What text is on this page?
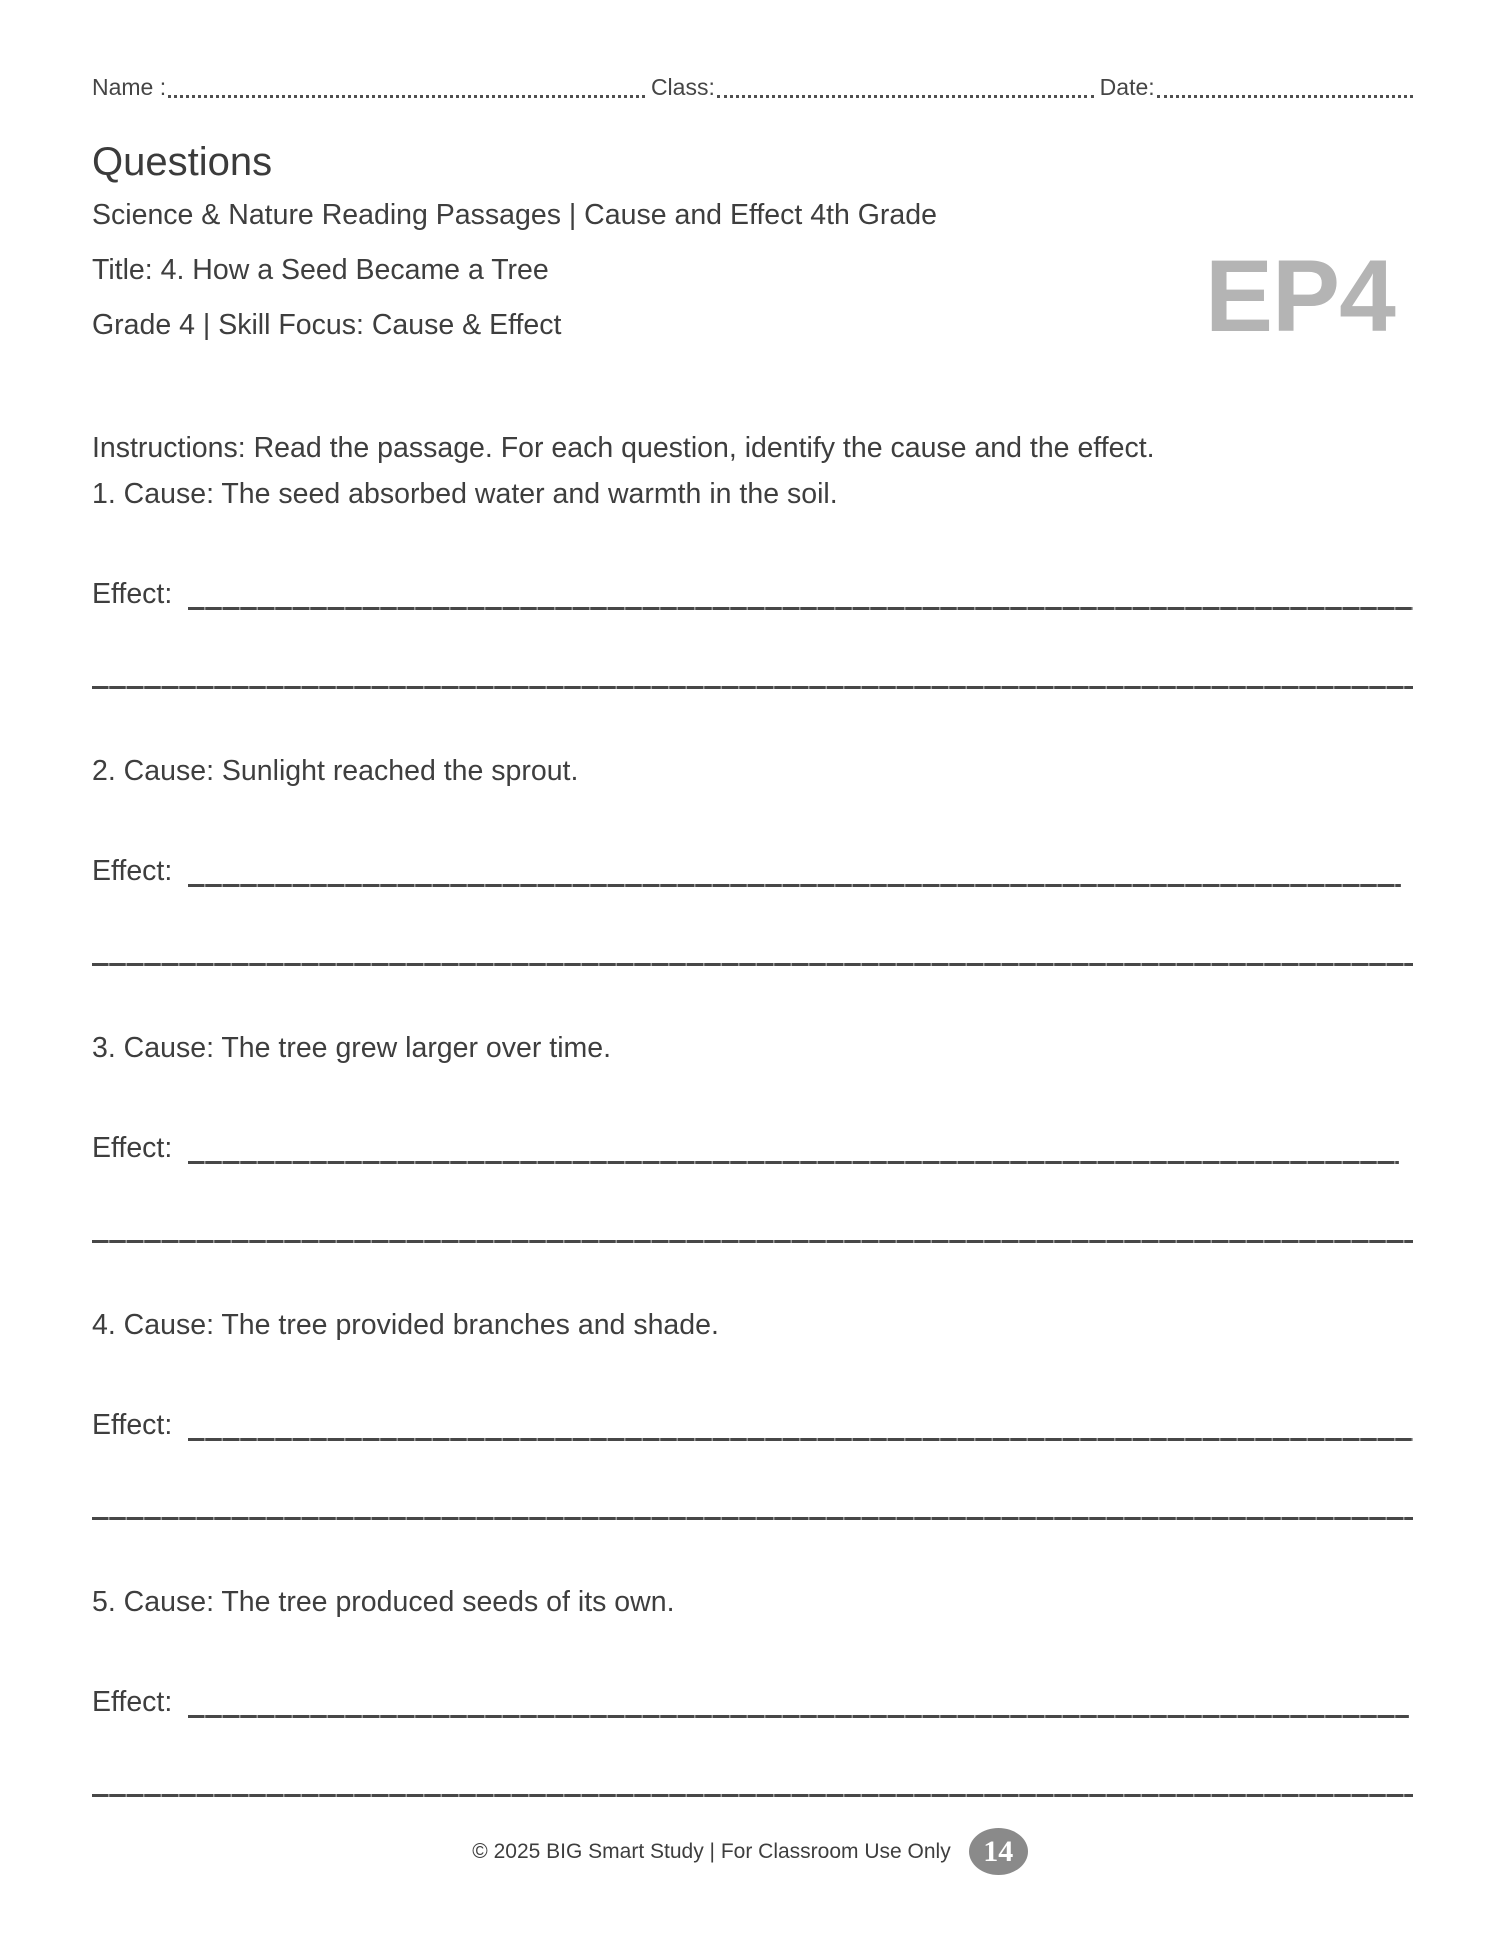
Name :	Class:	Date:
Questions
Science & Nature Reading Passages | Cause and Effect 4th Grade
Title: 4. How a Seed Became a Tree
Grade 4 | Skill Focus: Cause & Effect
Instructions: Read the passage. For each question, identify the cause and the effect.
1. Cause: The seed absorbed water and warmth in the soil.
Effect:
2. Cause: Sunlight reached the sprout.
Effect:
3. Cause: The tree grew larger over time.
Effect:
4. Cause: The tree provided branches and shade.
Effect:
5. Cause: The tree produced seeds of its own.
Effect:
EP4
© 2025 BIG Smart Study | For Classroom Use Only 14
